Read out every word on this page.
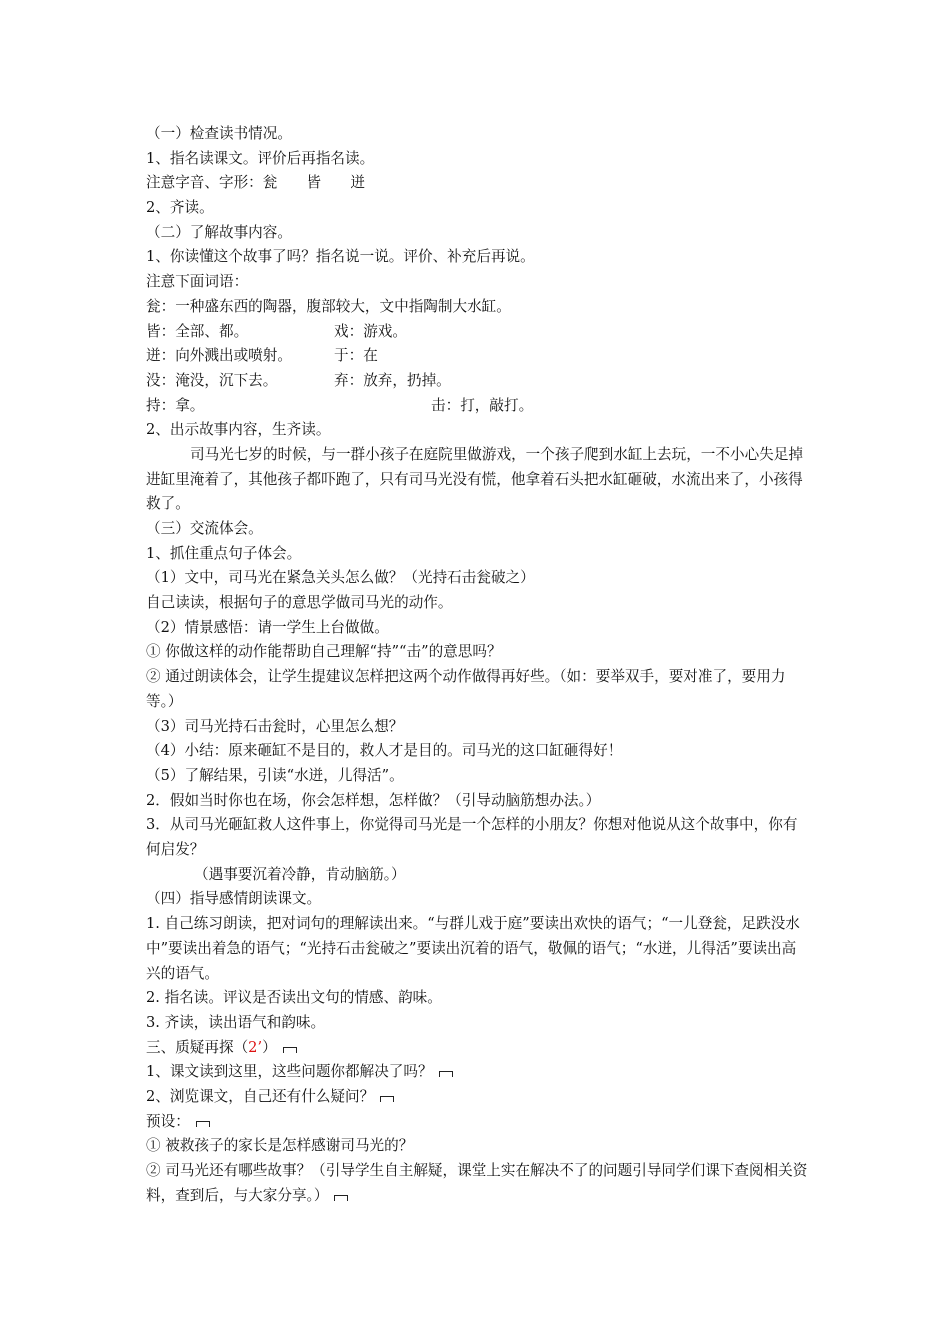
（一）检查读书情况。
1、指名读课文。评价后再指名读。
注意字音、字形：瓮　　皆　　迸
2、齐读。
（二）了解故事内容。
1、你读懂这个故事了吗？指名说一说。评价、补充后再说。
注意下面词语：
瓮：一种盛东西的陶器，腹部较大，文中指陶制大水缸。
皆：全部、都。	戏：游戏。
迸：向外溅出或喷射。	于：在
没：淹没，沉下去。	弃：放弃，扔掉。
持：拿。	击：打，敲打。
2、出示故事内容，生齐读。
司马光七岁的时候，与一群小孩子在庭院里做游戏，一个孩子爬到水缸上去玩，一不小心失足掉进缸里淹着了，其他孩子都吓跑了，只有司马光没有慌，他拿着石头把水缸砸破，水流出来了，小孩得救了。
（三）交流体会。
1、抓住重点句子体会。
（1）文中，司马光在紧急关头怎么做？（光持石击瓮破之）
自己读读，根据句子的意思学做司马光的动作。
（2）情景感悟：请一学生上台做做。
① 你做这样的动作能帮助自己理解“持”“击”的意思吗？
② 通过朗读体会，让学生提建议怎样把这两个动作做得再好些。（如：要举双手，要对准了，要用力等。）
（3）司马光持石击瓮时，心里怎么想？
（4）小结：原来砸缸不是目的，救人才是目的。司马光的这口缸砸得好！
（5）了解结果，引读“水迸，儿得活”。
2．假如当时你也在场，你会怎样想，怎样做？（引导动脑筋想办法。）
3．从司马光砸缸救人这件事上，你觉得司马光是一个怎样的小朋友？你想对他说从这个故事中，你有何启发？
（遇事要沉着冷静，肯动脑筋。）
（四）指导感情朗读课文。
1. 自己练习朗读，把对词句的理解读出来。“与群儿戏于庭”要读出欢快的语气；“一儿登瓮，足跌没水中”要读出着急的语气；“光持石击瓮破之”要读出沉着的语气，敬佩的语气；“水迸，儿得活”要读出高兴的语气。
2. 指名读。评议是否读出文句的情感、韵味。
3. 齐读，读出语气和韵味。
三、质疑再探（2’）
1、课文读到这里，这些问题你都解决了吗？
2、浏览课文，自己还有什么疑问？
预设：
① 被救孩子的家长是怎样感谢司马光的？
② 司马光还有哪些故事？（引导学生自主解疑，课堂上实在解决不了的问题引导同学们课下查阅相关资料，查到后，与大家分享。）
